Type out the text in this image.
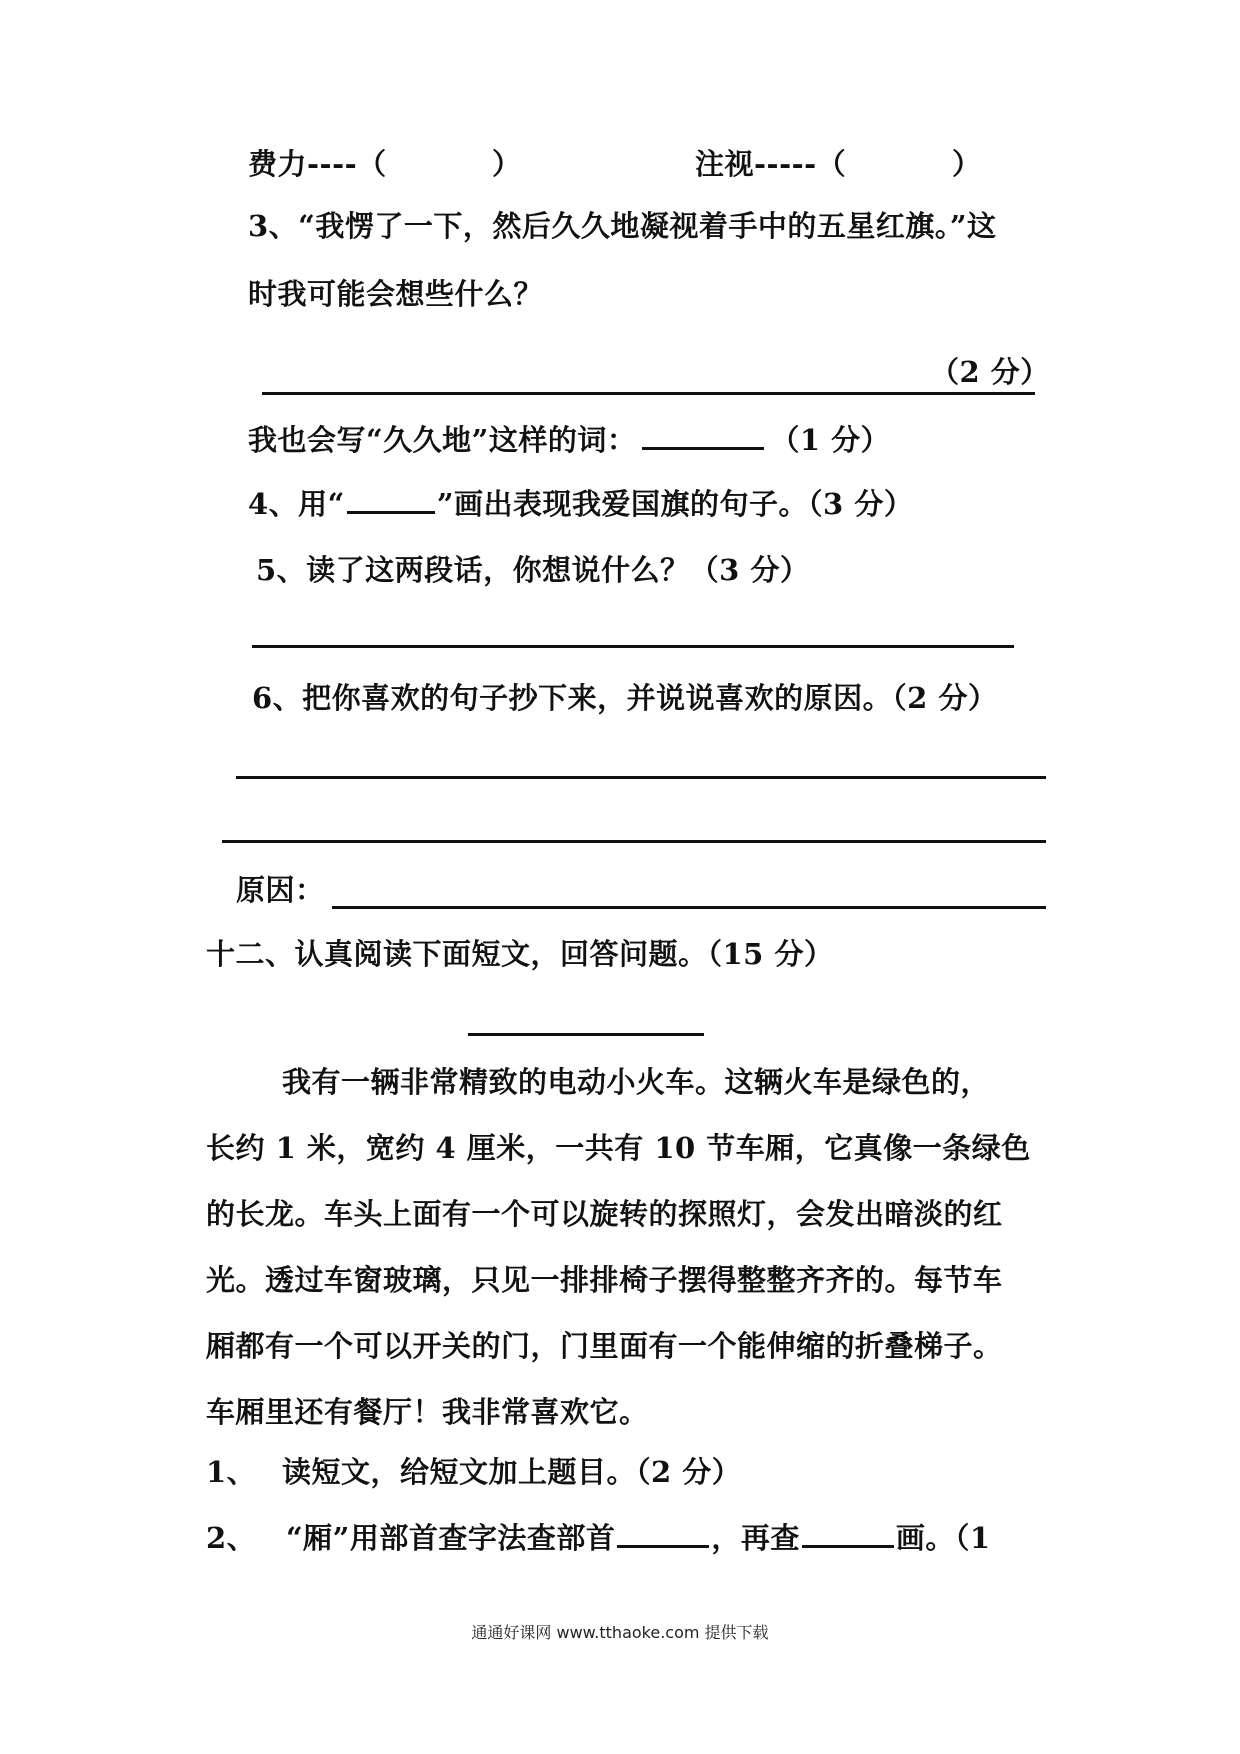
费力----（	）	注视-----（	）
3、“我愣了一下，然后久久地凝视着手中的五星红旗。”这
时我可能会想些什么？
（2 分）
我也会写“久久地”这样的词：	（1 分）
4、用“	”画出表现我爱国旗的句子。（3 分）
5、读了这两段话，你想说什么？（3 分）
6、把你喜欢的句子抄下来，并说说喜欢的原因。（2 分）
原因：
十二、认真阅读下面短文，回答问题。（15 分）
我有一辆非常精致的电动小火车。这辆火车是绿色的，
长约 1 米，宽约 4 厘米，一共有 10 节车厢，它真像一条绿色
的长龙。车头上面有一个可以旋转的探照灯，会发出暗淡的红
光。透过车窗玻璃，只见一排排椅子摆得整整齐齐的。每节车
厢都有一个可以开关的门，门里面有一个能伸缩的折叠梯子。
车厢里还有餐厅！我非常喜欢它。
1、 读短文，给短文加上题目。（2 分）
2、 “厢”用部首查字法查部首	，再查	画。（1
通通好课网 www.tthaoke.com 提供下载
